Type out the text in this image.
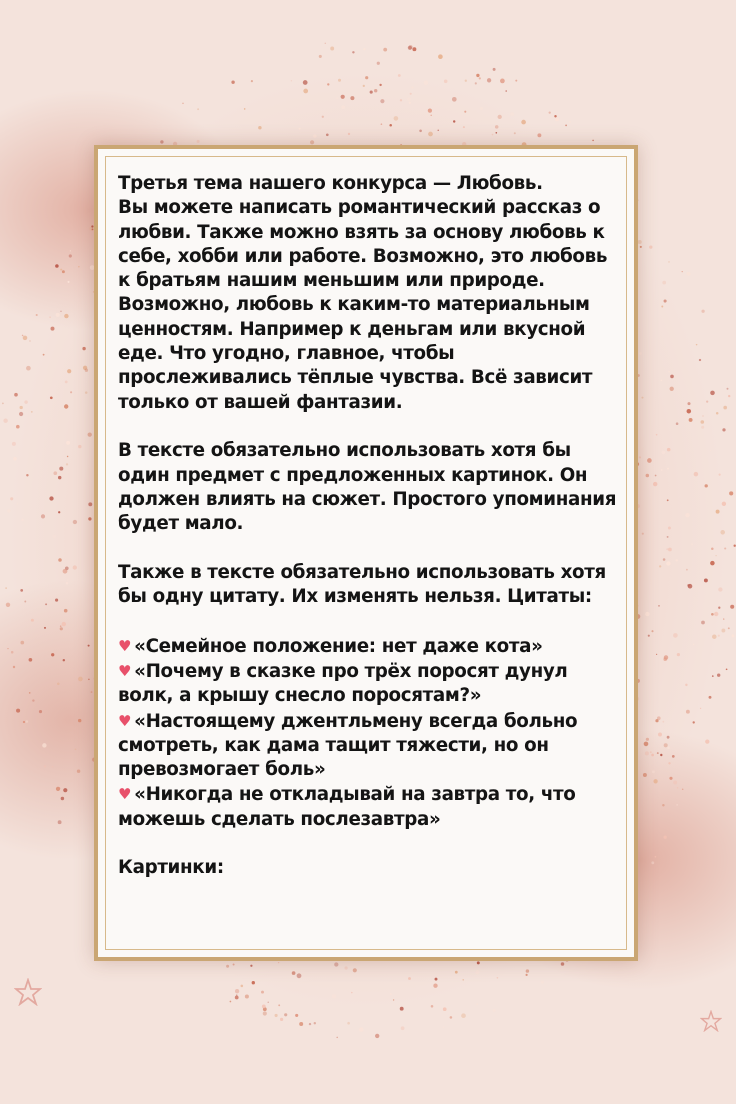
Третья тема нашего конкурса — Любовь.
Вы можете написать романтический рассказ о любви. Также можно взять за основу любовь к себе, хобби или работе. Возможно, это любовь к братьям нашим меньшим или природе. Возможно, любовь к каким-то материальным ценностям. Например к деньгам или вкусной еде. Что угодно, главное, чтобы прослеживались тёплые чувства. Всё зависит только от вашей фантазии.

В тексте обязательно использовать хотя бы один предмет с предложенных картинок. Он должен влиять на сюжет. Простого упоминания будет мало.

Также в тексте обязательно использовать хотя бы одну цитату. Их изменять нельзя. Цитаты:

♥ «Семейное положение: нет даже кота»
♥ «Почему в сказке про трёх поросят дунул волк, а крышу снесло поросятам?»
♥ «Настоящему джентльмену всегда больно смотреть, как дама тащит тяжести, но он превозмогает боль»
♥ «Никогда не откладывай на завтра то, что можешь сделать послезавтра»

Картинки:
